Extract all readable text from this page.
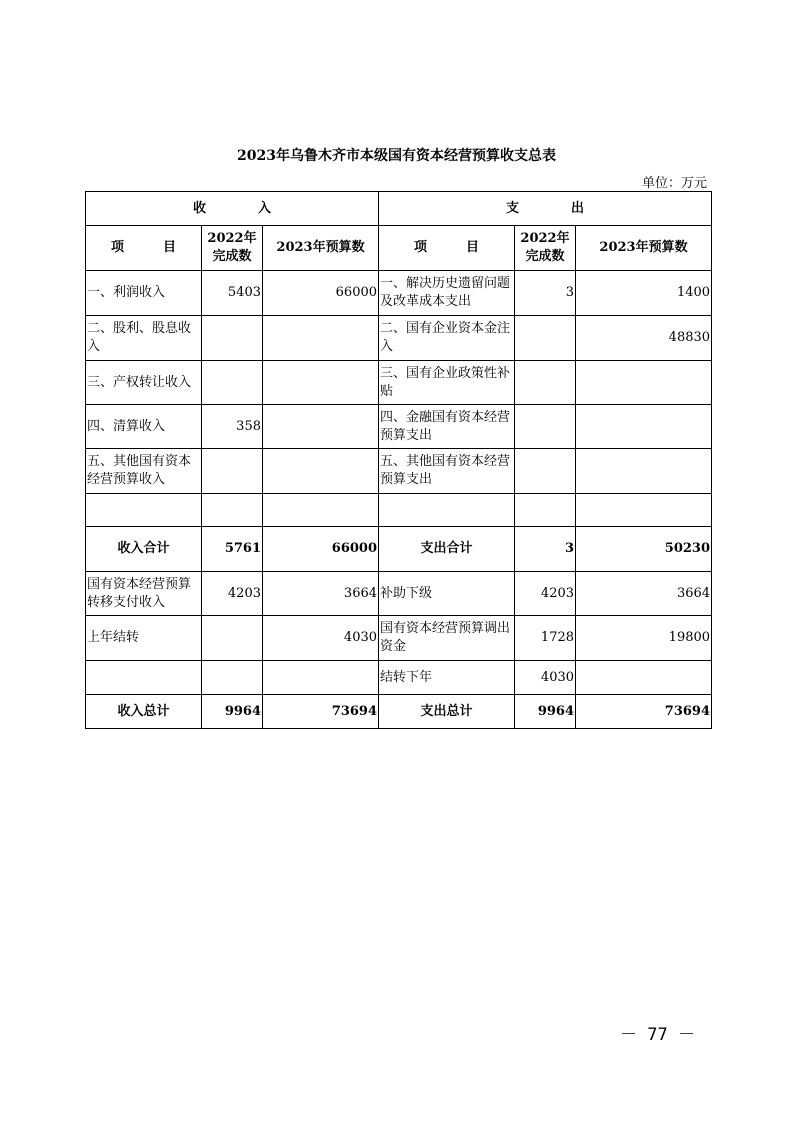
2023年乌鲁木齐市本级国有资本经营预算收支总表
单位：万元
收　　　　入			支　　　　出		
项　　　目	2022年完成数	2023年预算数	项　　　目	2022年完成数	2023年预算数
一、利润收入	5403	66000	一、解决历史遗留问题及改革成本支出	3	1400
二、股利、股息收入			二、国有企业资本金注入		48830
三、产权转让收入			三、国有企业政策性补贴		
四、清算收入	358		四、金融国有资本经营预算支出		
五、其他国有资本经营预算收入			五、其他国有资本经营预算支出		

收入合计	5761	66000	支出合计	3	50230
国有资本经营预算转移支付收入	4203	3664	补助下级	4203	3664
上年结转		4030	国有资本经营预算调出资金	1728	19800
			结转下年	4030	
收入总计	9964	73694	支出总计	9964	73694
－ 77 －
